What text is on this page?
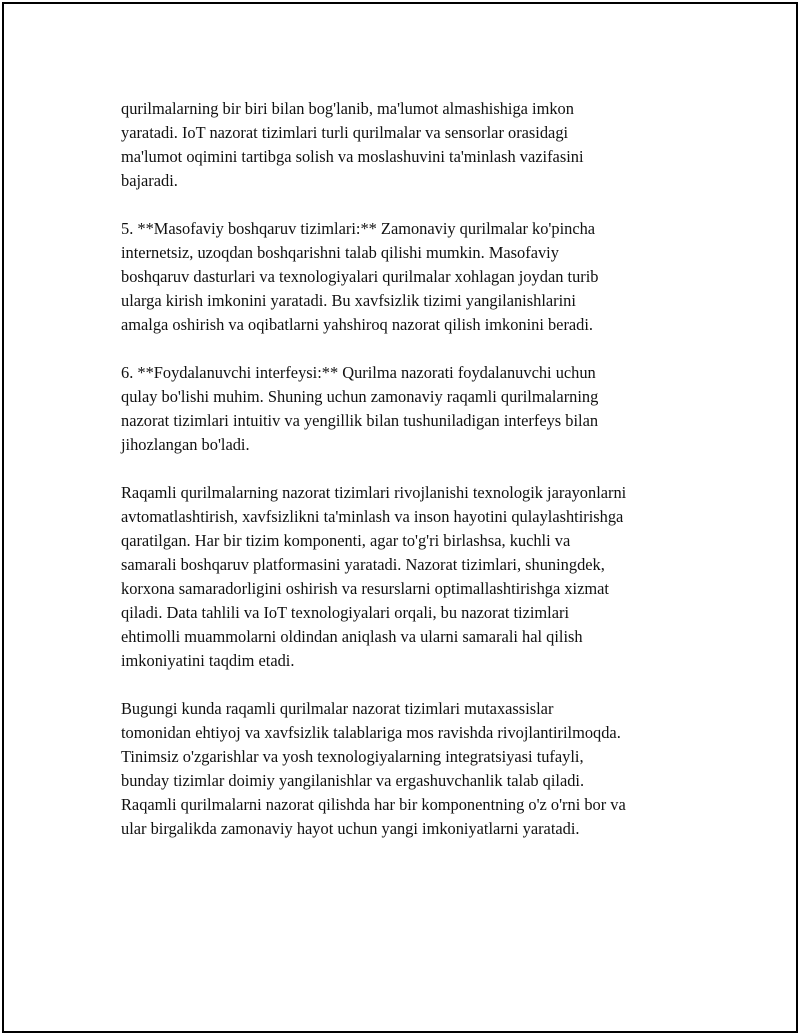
qurilmalarning bir biri bilan bog'lanib, ma'lumot almashishiga imkon
yaratadi. IoT nazorat tizimlari turli qurilmalar va sensorlar orasidagi
ma'lumot oqimini tartibga solish va moslashuvini ta'minlash vazifasini
bajaradi.

5. **Masofaviy boshqaruv tizimlari:** Zamonaviy qurilmalar ko'pincha
internetsiz, uzoqdan boshqarishni talab qilishi mumkin. Masofaviy
boshqaruv dasturlari va texnologiyalari qurilmalar xohlagan joydan turib
ularga kirish imkonini yaratadi. Bu xavfsizlik tizimi yangilanishlarini
amalga oshirish va oqibatlarni yahshiroq nazorat qilish imkonini beradi.

6. **Foydalanuvchi interfeysi:** Qurilma nazorati foydalanuvchi uchun
qulay bo'lishi muhim. Shuning uchun zamonaviy raqamli qurilmalarning
nazorat tizimlari intuitiv va yengillik bilan tushuniladigan interfeys bilan
jihozlangan bo'ladi.

Raqamli qurilmalarning nazorat tizimlari rivojlanishi texnologik jarayonlarni
avtomatlashtirish, xavfsizlikni ta'minlash va inson hayotini qulaylashtirishga
qaratilgan. Har bir tizim komponenti, agar to'g'ri birlashsa, kuchli va
samarali boshqaruv platformasini yaratadi. Nazorat tizimlari, shuningdek,
korxona samaradorligini oshirish va resurslarni optimallashtirishga xizmat
qiladi. Data tahlili va IoT texnologiyalari orqali, bu nazorat tizimlari
ehtimolli muammolarni oldindan aniqlash va ularni samarali hal qilish
imkoniyatini taqdim etadi.

Bugungi kunda raqamli qurilmalar nazorat tizimlari mutaxassislar
tomonidan ehtiyoj va xavfsizlik talablariga mos ravishda rivojlantirilmoqda.
Tinimsiz o'zgarishlar va yosh texnologiyalarning integratsiyasi tufayli,
bunday tizimlar doimiy yangilanishlar va ergashuvchanlik talab qiladi.
Raqamli qurilmalarni nazorat qilishda har bir komponentning o'z o'rni bor va
ular birgalikda zamonaviy hayot uchun yangi imkoniyatlarni yaratadi.
